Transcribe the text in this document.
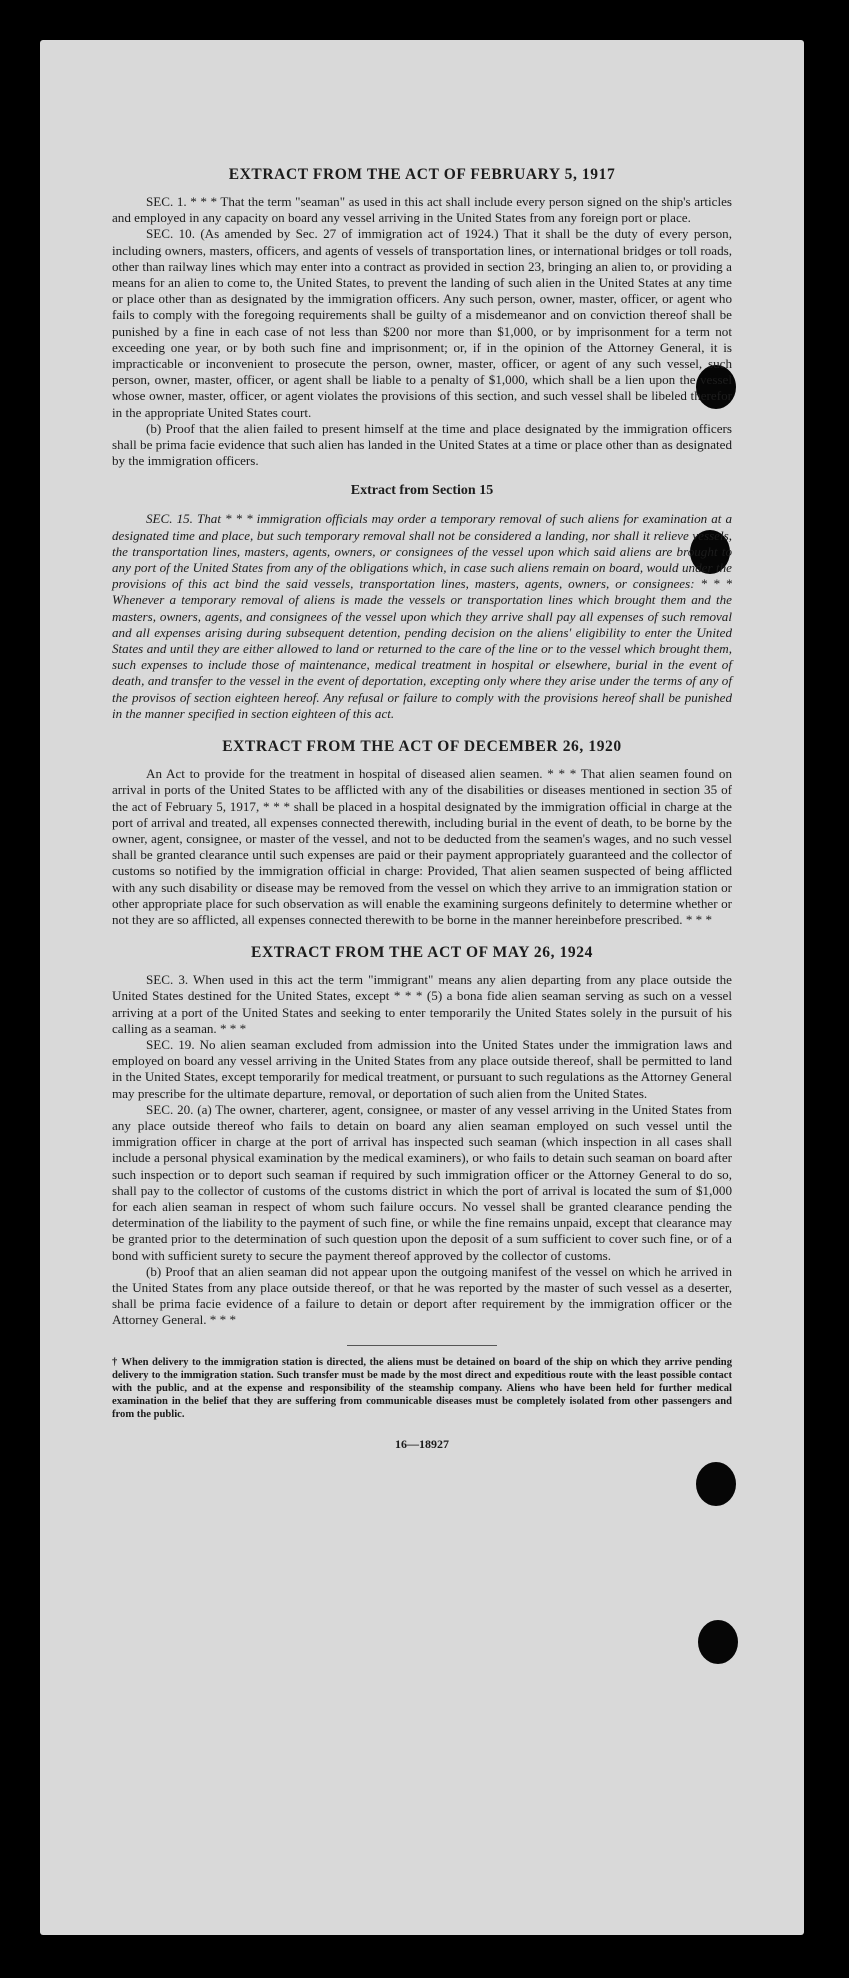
EXTRACT FROM THE ACT OF FEBRUARY 5, 1917

SEC. 1. * * * That the term "seaman" as used in this act shall include every person signed on the ship's articles and employed in any capacity on board any vessel arriving in the United States from any foreign port or place.

SEC. 10. (As amended by Sec. 27 of immigration act of 1924.) That it shall be the duty of every person, including owners, masters, officers, and agents of vessels of transportation lines, or international bridges or toll roads, other than railway lines which may enter into a contract as provided in section 23, bringing an alien to, or providing a means for an alien to come to, the United States, to prevent the landing of such alien in the United States at any time or place other than as designated by the immigration officers. Any such person, owner, master, officer, or agent who fails to comply with the foregoing requirements shall be guilty of a misdemeanor and on conviction thereof shall be punished by a fine in each case of not less than $200 nor more than $1,000, or by imprisonment for a term not exceeding one year, or by both such fine and imprisonment; or, if in the opinion of the Attorney General, it is impracticable or inconvenient to prosecute the person, owner, master, officer, or agent of any such vessel, such person, owner, master, officer, or agent shall be liable to a penalty of $1,000, which shall be a lien upon the vessel whose owner, master, officer, or agent violates the provisions of this section, and such vessel shall be libeled therefor in the appropriate United States court.

(b) Proof that the alien failed to present himself at the time and place designated by the immigration officers shall be prima facie evidence that such alien has landed in the United States at a time or place other than as designated by the immigration officers.

Extract from Section 15

SEC. 15. That * * * immigration officials may order a temporary removal of such aliens for examination at a designated time and place, but such temporary removal shall not be considered a landing, nor shall it relieve vessels, the transportation lines, masters, agents, owners, or consignees of the vessel upon which said aliens are brought to any port of the United States from any of the obligations which, in case such aliens remain on board, would under the provisions of this act bind the said vessels, transportation lines, masters, agents, owners, or consignees: * * * Whenever a temporary removal of aliens is made the vessels or transportation lines which brought them and the masters, owners, agents, and consignees of the vessel upon which they arrive shall pay all expenses of such removal and all expenses arising during subsequent detention, pending decision on the aliens' eligibility to enter the United States and until they are either allowed to land or returned to the care of the line or to the vessel which brought them, such expenses to include those of maintenance, medical treatment in hospital or elsewhere, burial in the event of death, and transfer to the vessel in the event of deportation, excepting only where they arise under the terms of any of the provisos of section eighteen hereof. Any refusal or failure to comply with the provisions hereof shall be punished in the manner specified in section eighteen of this act.

EXTRACT FROM THE ACT OF DECEMBER 26, 1920

An Act to provide for the treatment in hospital of diseased alien seamen. * * * That alien seamen found on arrival in ports of the United States to be afflicted with any of the disabilities or diseases mentioned in section 35 of the act of February 5, 1917, * * * shall be placed in a hospital designated by the immigration official in charge at the port of arrival and treated, all expenses connected therewith, including burial in the event of death, to be borne by the owner, agent, consignee, or master of the vessel, and not to be deducted from the seamen's wages, and no such vessel shall be granted clearance until such expenses are paid or their payment appropriately guaranteed and the collector of customs so notified by the immigration official in charge: Provided, That alien seamen suspected of being afflicted with any such disability or disease may be removed from the vessel on which they arrive to an immigration station or other appropriate place for such observation as will enable the examining surgeons definitely to determine whether or not they are so afflicted, all expenses connected therewith to be borne in the manner hereinbefore prescribed. * * *

EXTRACT FROM THE ACT OF MAY 26, 1924

SEC. 3. When used in this act the term "immigrant" means any alien departing from any place outside the United States destined for the United States, except * * * (5) a bona fide alien seaman serving as such on a vessel arriving at a port of the United States and seeking to enter temporarily the United States solely in the pursuit of his calling as a seaman. * * *

SEC. 19. No alien seaman excluded from admission into the United States under the immigration laws and employed on board any vessel arriving in the United States from any place outside thereof, shall be permitted to land in the United States, except temporarily for medical treatment, or pursuant to such regulations as the Attorney General may prescribe for the ultimate departure, removal, or deportation of such alien from the United States.

SEC. 20. (a) The owner, charterer, agent, consignee, or master of any vessel arriving in the United States from any place outside thereof who fails to detain on board any alien seaman employed on such vessel until the immigration officer in charge at the port of arrival has inspected such seaman (which inspection in all cases shall include a personal physical examination by the medical examiners), or who fails to detain such seaman on board after such inspection or to deport such seaman if required by such immigration officer or the Attorney General to do so, shall pay to the collector of customs of the customs district in which the port of arrival is located the sum of $1,000 for each alien seaman in respect of whom such failure occurs. No vessel shall be granted clearance pending the determination of the liability to the payment of such fine, or while the fine remains unpaid, except that clearance may be granted prior to the determination of such question upon the deposit of a sum sufficient to cover such fine, or of a bond with sufficient surety to secure the payment thereof approved by the collector of customs.

(b) Proof that an alien seaman did not appear upon the outgoing manifest of the vessel on which he arrived in the United States from any place outside thereof, or that he was reported by the master of such vessel as a deserter, shall be prima facie evidence of a failure to detain or deport after requirement by the immigration officer or the Attorney General. * * *

† When delivery to the immigration station is directed, the aliens must be detained on board of the ship on which they arrive pending delivery to the immigration station. Such transfer must be made by the most direct and expeditious route with the least possible contact with the public, and at the expense and responsibility of the steamship company. Aliens who have been held for further medical examination in the belief that they are suffering from communicable diseases must be completely isolated from other passengers and from the public.

16—18927
